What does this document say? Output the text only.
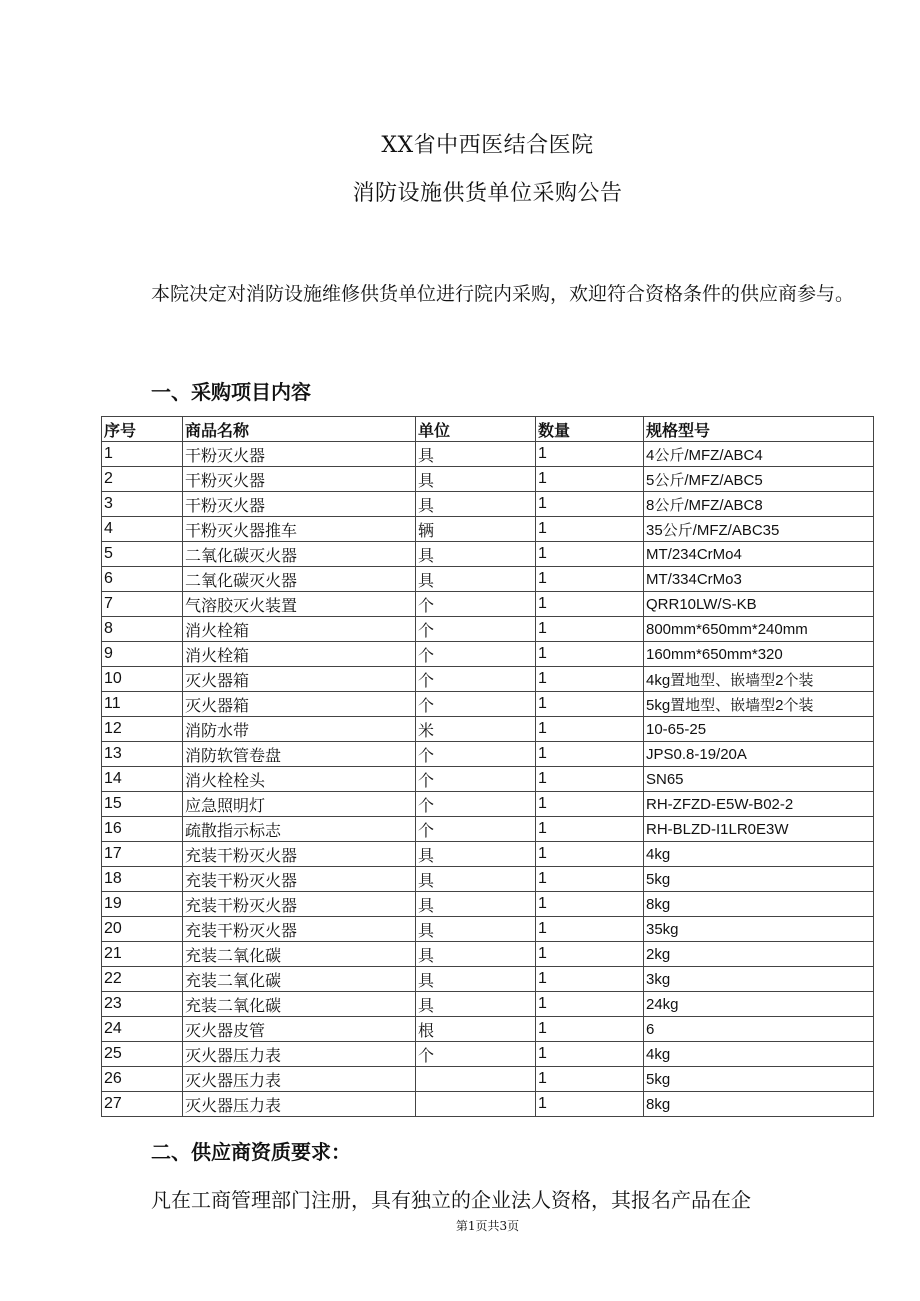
XX省中西医结合医院
消防设施供货单位采购公告
本院决定对消防设施维修供货单位进行院内采购，欢迎符合资格条件的供应商参与。
一、采购项目内容
序号	商品名称	单位	数量	规格型号
1	干粉灭火器	具	1	4公斤/MFZ/ABC4
2	干粉灭火器	具	1	5公斤/MFZ/ABC5
3	干粉灭火器	具	1	8公斤/MFZ/ABC8
4	干粉灭火器推车	辆	1	35公斤/MFZ/ABC35
5	二氧化碳灭火器	具	1	MT/234CrMo4
6	二氧化碳灭火器	具	1	MT/334CrMo3
7	气溶胶灭火装置	个	1	QRR10LW/S-KB
8	消火栓箱	个	1	800mm*650mm*240mm
9	消火栓箱	个	1	160mm*650mm*320
10	灭火器箱	个	1	4kg置地型、嵌墙型2个装
11	灭火器箱	个	1	5kg置地型、嵌墙型2个装
12	消防水带	米	1	10-65-25
13	消防软管卷盘	个	1	JPS0.8-19/20A
14	消火栓栓头	个	1	SN65
15	应急照明灯	个	1	RH-ZFZD-E5W-B02-2
16	疏散指示标志	个	1	RH-BLZD-I1LR0E3W
17	充装干粉灭火器	具	1	4kg
18	充装干粉灭火器	具	1	5kg
19	充装干粉灭火器	具	1	8kg
20	充装干粉灭火器	具	1	35kg
21	充装二氧化碳	具	1	2kg
22	充装二氧化碳	具	1	3kg
23	充装二氧化碳	具	1	24kg
24	灭火器皮管	根	1	6
25	灭火器压力表	个	1	4kg
26	灭火器压力表		1	5kg
27	灭火器压力表		1	8kg
二、供应商资质要求：
凡在工商管理部门注册，具有独立的企业法人资格，其报名产品在企
第1页共3页
